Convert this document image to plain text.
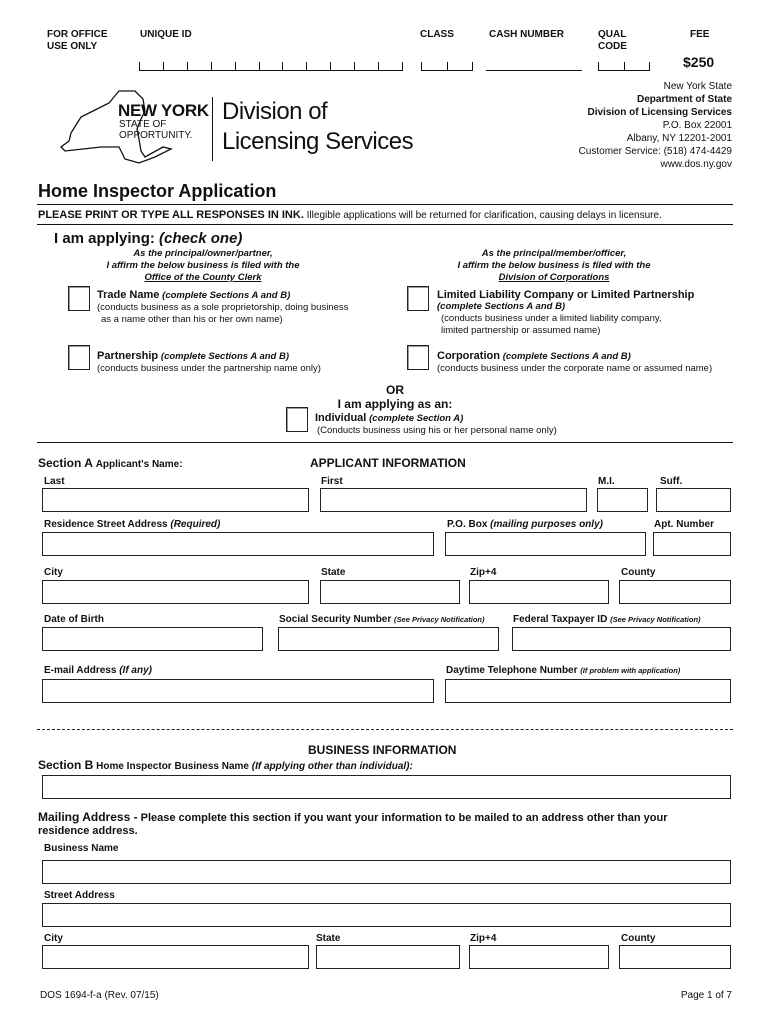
FOR OFFICE
USE ONLY
UNIQUE ID	CLASS	CASH NUMBER	QUAL
CODE
FEE
$250
NEW YORK
STATE OF
OPPORTUNITY.
Division of
Licensing Services
New York State
Department of State
Division of Licensing Services
P.O. Box 22001
Albany, NY 12201-2001
Customer Service: (518) 474-4429
www.dos.ny.gov
Home Inspector Application
PLEASE PRINT OR TYPE ALL RESPONSES IN INK. Illegible applications will be returned for clarification, causing delays in licensure.
I am applying: (check one)
As the principal/owner/partner,
I affirm the below business is filed with the
Office of the County Clerk
As the principal/member/officer,
I affirm the below business is filed with the
Division of Corporations
Trade Name (complete Sections A and B)
(conducts business as a sole proprietorship, doing business
as a name other than his or her own name)
Limited Liability Company or Limited Partnership
(complete Sections A and B)
(conducts business under a limited liability company,
limited partnership or assumed name)
Partnership (complete Sections A and B)
(conducts business under the partnership name only)
Corporation (complete Sections A and B)
(conducts business under the corporate name or assumed name)
OR
I am applying as an:
Individual (complete Section A)
(Conducts business using his or her personal name only)
Section A Applicant's Name:	APPLICANT INFORMATION
Last	First	M.I.	Suff.
Residence Street Address (Required)	P.O. Box (mailing purposes only)	Apt. Number
City	State	Zip+4	County
Date of Birth	Social Security Number (See Privacy Notification)	Federal Taxpayer ID (See Privacy Notification)
E-mail Address (If any)	Daytime Telephone Number (If problem with application)
BUSINESS INFORMATION
Section B Home Inspector Business Name (If applying other than individual):
Mailing Address - Please complete this section if you want your information to be mailed to an address other than your
residence address.
Business Name
Street Address
City	State	Zip+4	County
DOS 1694-f-a (Rev. 07/15)	Page 1 of 7
